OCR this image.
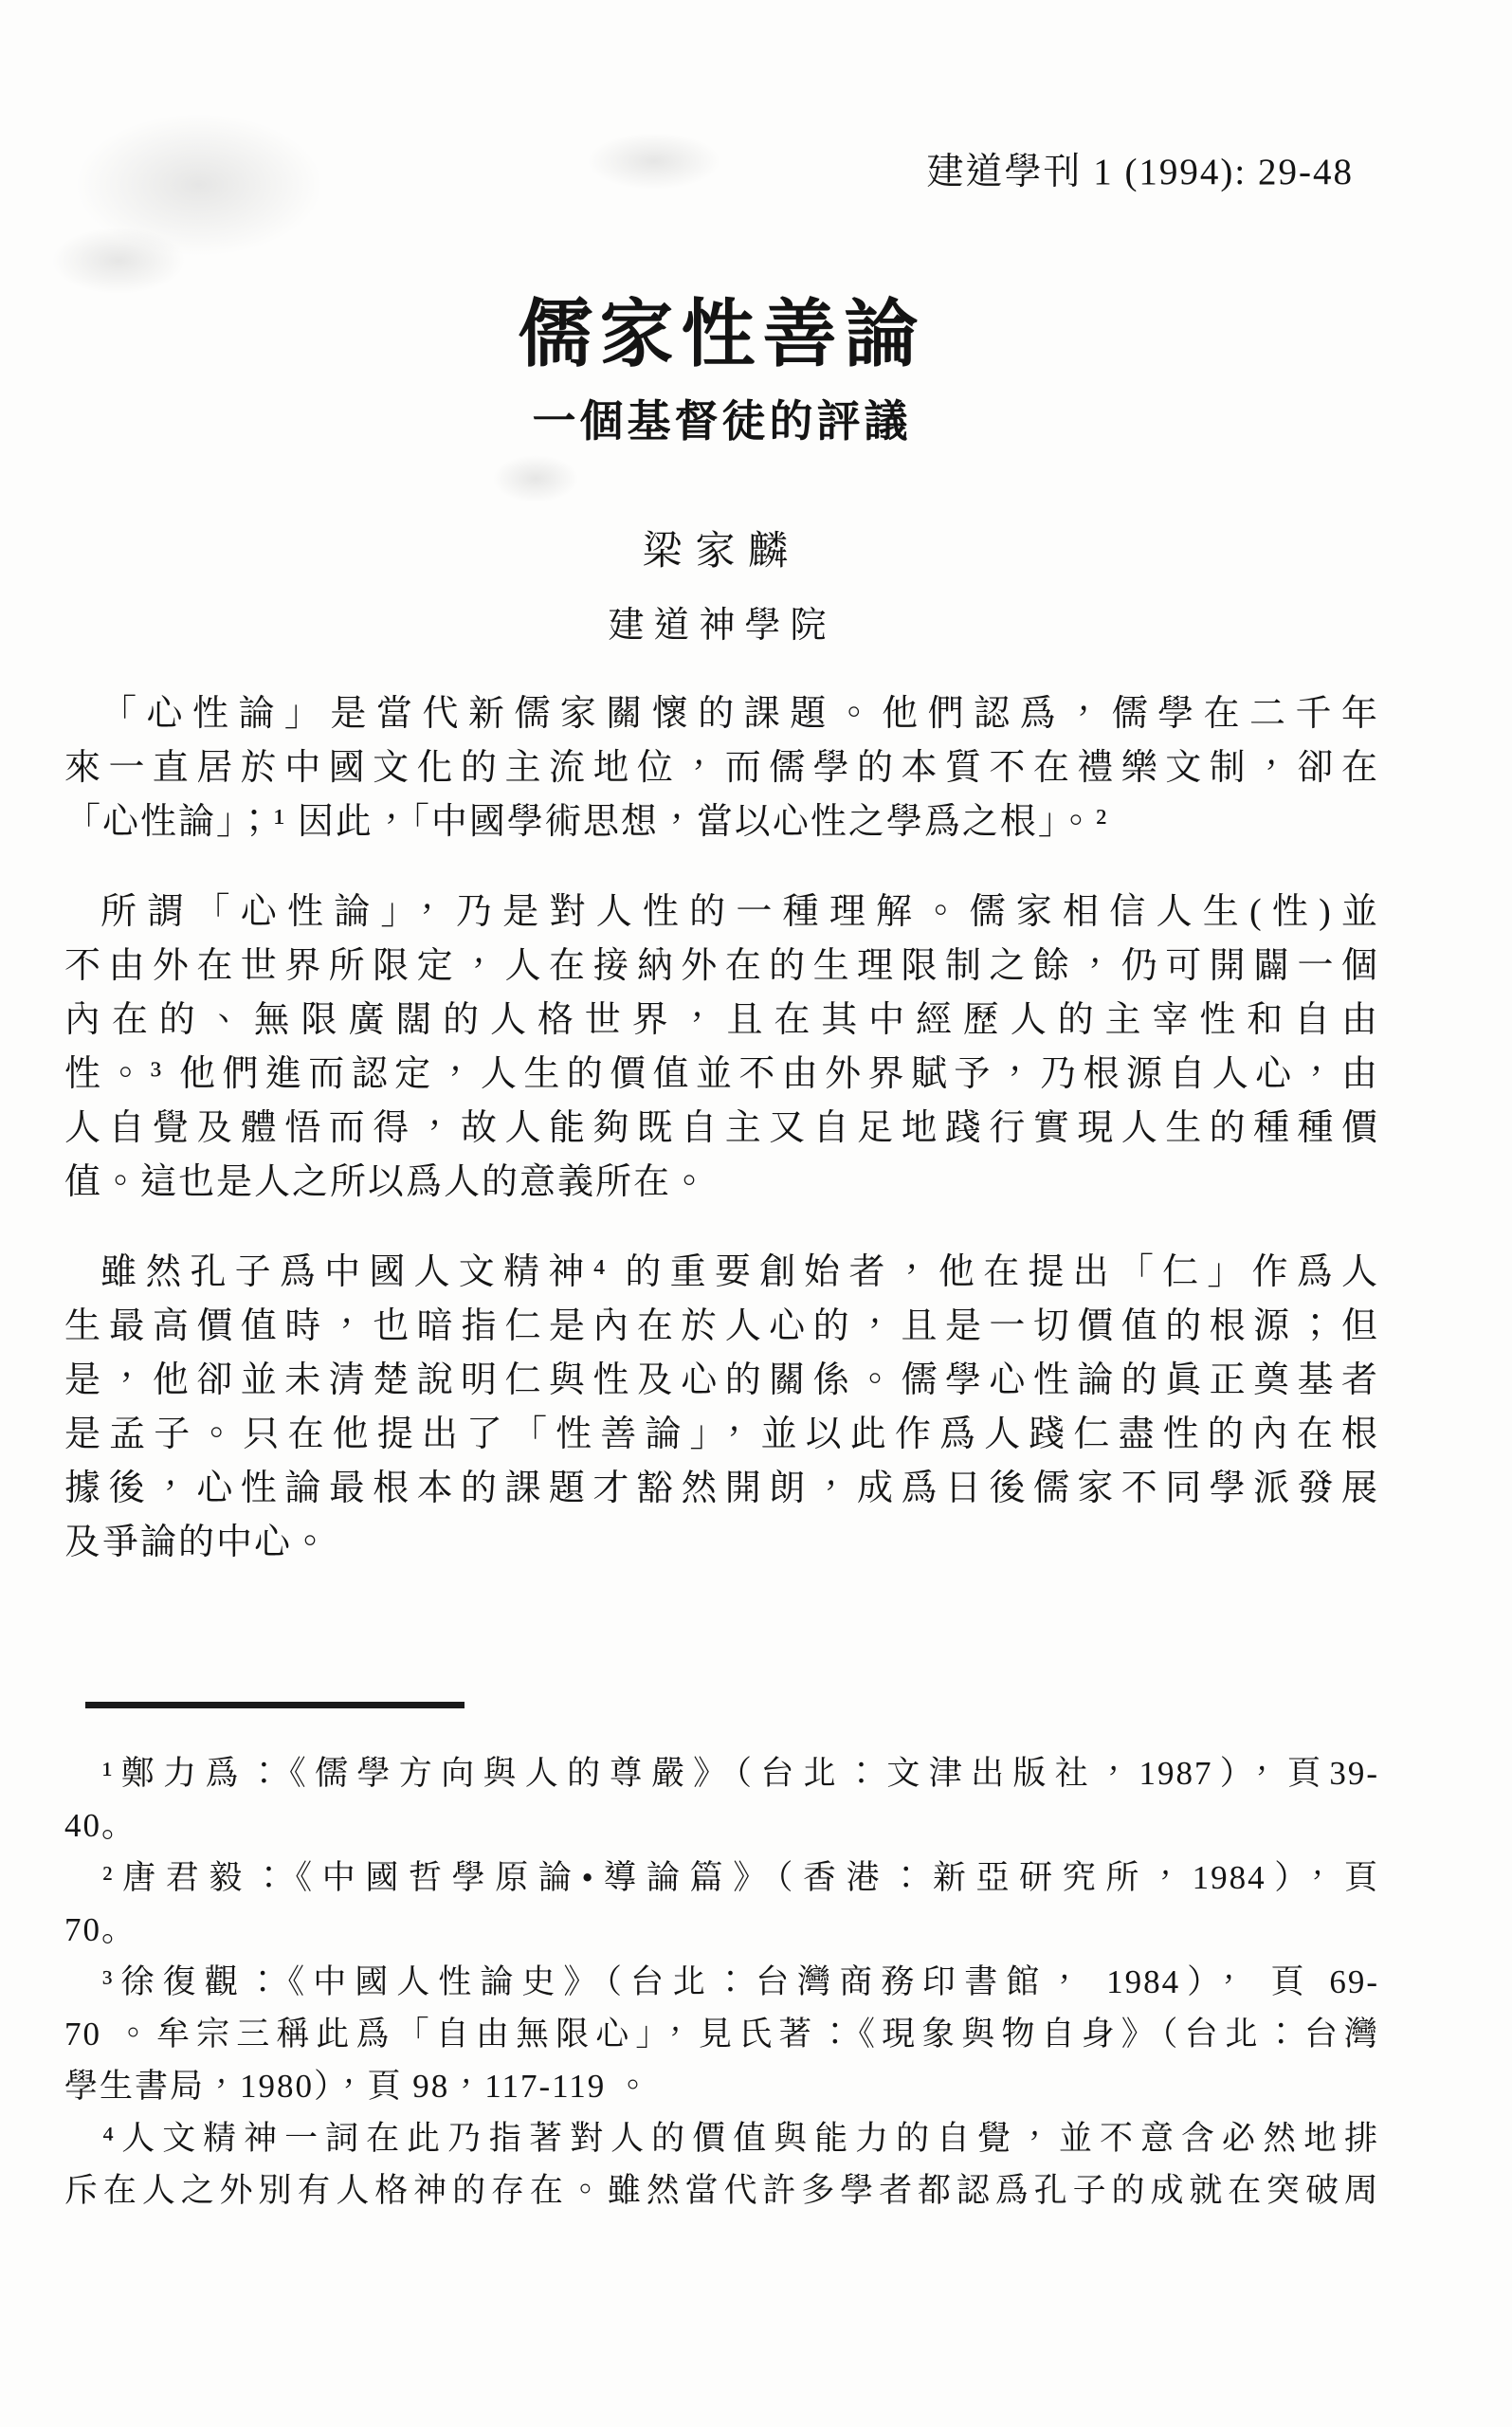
建道學刊 1 (1994): 29-48
儒家性善論
一個基督徒的評議
梁家麟
建道神學院
「心性論」是當代新儒家關懷的課題。他們認爲，儒學在二千年
來一直居於中國文化的主流地位，而儒學的本質不在禮樂文制，卻在
「心性論」；¹ 因此，「中國學術思想，當以心性之學爲之根」。²
所謂「心性論」，乃是對人性的一種理解。儒家相信人生(性)並
不由外在世界所限定，人在接納外在的生理限制之餘，仍可開闢一個
內在的、無限廣闊的人格世界，且在其中經歷人的主宰性和自由
性。³ 他們進而認定，人生的價值並不由外界賦予，乃根源自人心，由
人自覺及體悟而得，故人能夠既自主又自足地踐行實現人生的種種價
值。這也是人之所以爲人的意義所在。
雖然孔子爲中國人文精神⁴ 的重要創始者，他在提出「仁」作爲人
生最高價值時，也暗指仁是內在於人心的，且是一切價值的根源；但
是，他卻並未清楚說明仁與性及心的關係。儒學心性論的眞正奠基者
是孟子。只在他提出了「性善論」，並以此作爲人踐仁盡性的內在根
據後，心性論最根本的課題才豁然開朗，成爲日後儒家不同學派發展
及爭論的中心。
¹鄭力爲：《儒學方向與人的尊嚴》（台北：文津出版社，1987），頁39-
40。
²唐君毅：《中國哲學原論•導論篇》（香港：新亞研究所，1984），頁
70。
³徐復觀：《中國人性論史》（台北：台灣商務印書館， 1984）， 頁 69-
70 。牟宗三稱此爲「自由無限心」，見氏著：《現象與物自身》（台北：台灣
學生書局，1980），頁 98，117-119 。
⁴人文精神一詞在此乃指著對人的價值與能力的自覺，並不意含必然地排
斥在人之外別有人格神的存在。雖然當代許多學者都認爲孔子的成就在突破周
